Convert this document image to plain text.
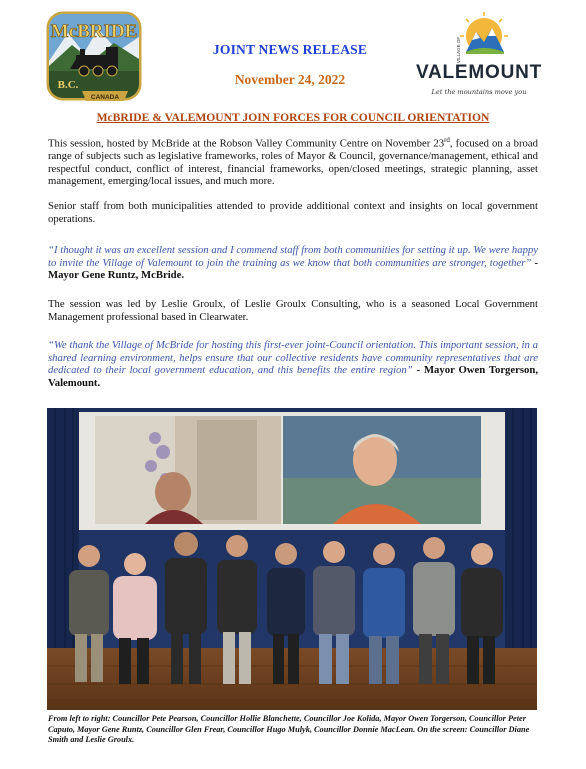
McBRIDE
B.C.
CANADA
JOINT NEWS RELEASE
November 24, 2022
VILLAGE OF
VALEMOUNT
Let the mountains move you
McBRIDE & VALEMOUNT JOIN FORCES FOR COUNCIL ORIENTATION
This session, hosted by McBride at the Robson Valley Community Centre on November 23rd, focused on a broad range of subjects such as legislative frameworks, roles of Mayor & Council, governance/management, ethical and respectful conduct, conflict of interest, financial frameworks, open/closed meetings, strategic planning, asset management, emerging/local issues, and much more.
Senior staff from both municipalities attended to provide additional context and insights on local government operations.
“I thought it was an excellent session and I commend staff from both communities for setting it up. We were happy to invite the Village of Valemount to join the training as we know that both communities are stronger, together” - Mayor Gene Runtz, McBride.
The session was led by Leslie Groulx, of Leslie Groulx Consulting, who is a seasoned Local Government Management professional based in Clearwater.
“We thank the Village of McBride for hosting this first-ever joint-Council orientation. This important session, in a shared learning environment, helps ensure that our collective residents have community representatives that are dedicated to their local government education, and this benefits the entire region” - Mayor Owen Torgerson, Valemount.
From left to right: Councillor Pete Pearson, Councillor Hollie Blanchette, Councillor Joe Kolida, Mayor Owen Torgerson, Councillor Peter Caputo, Mayor Gene Runtz, Councillor Glen Frear, Councillor Hugo Mulyk, Councillor Donnie MacLean. On the screen: Councillor Diane Smith and Leslie Groulx.
